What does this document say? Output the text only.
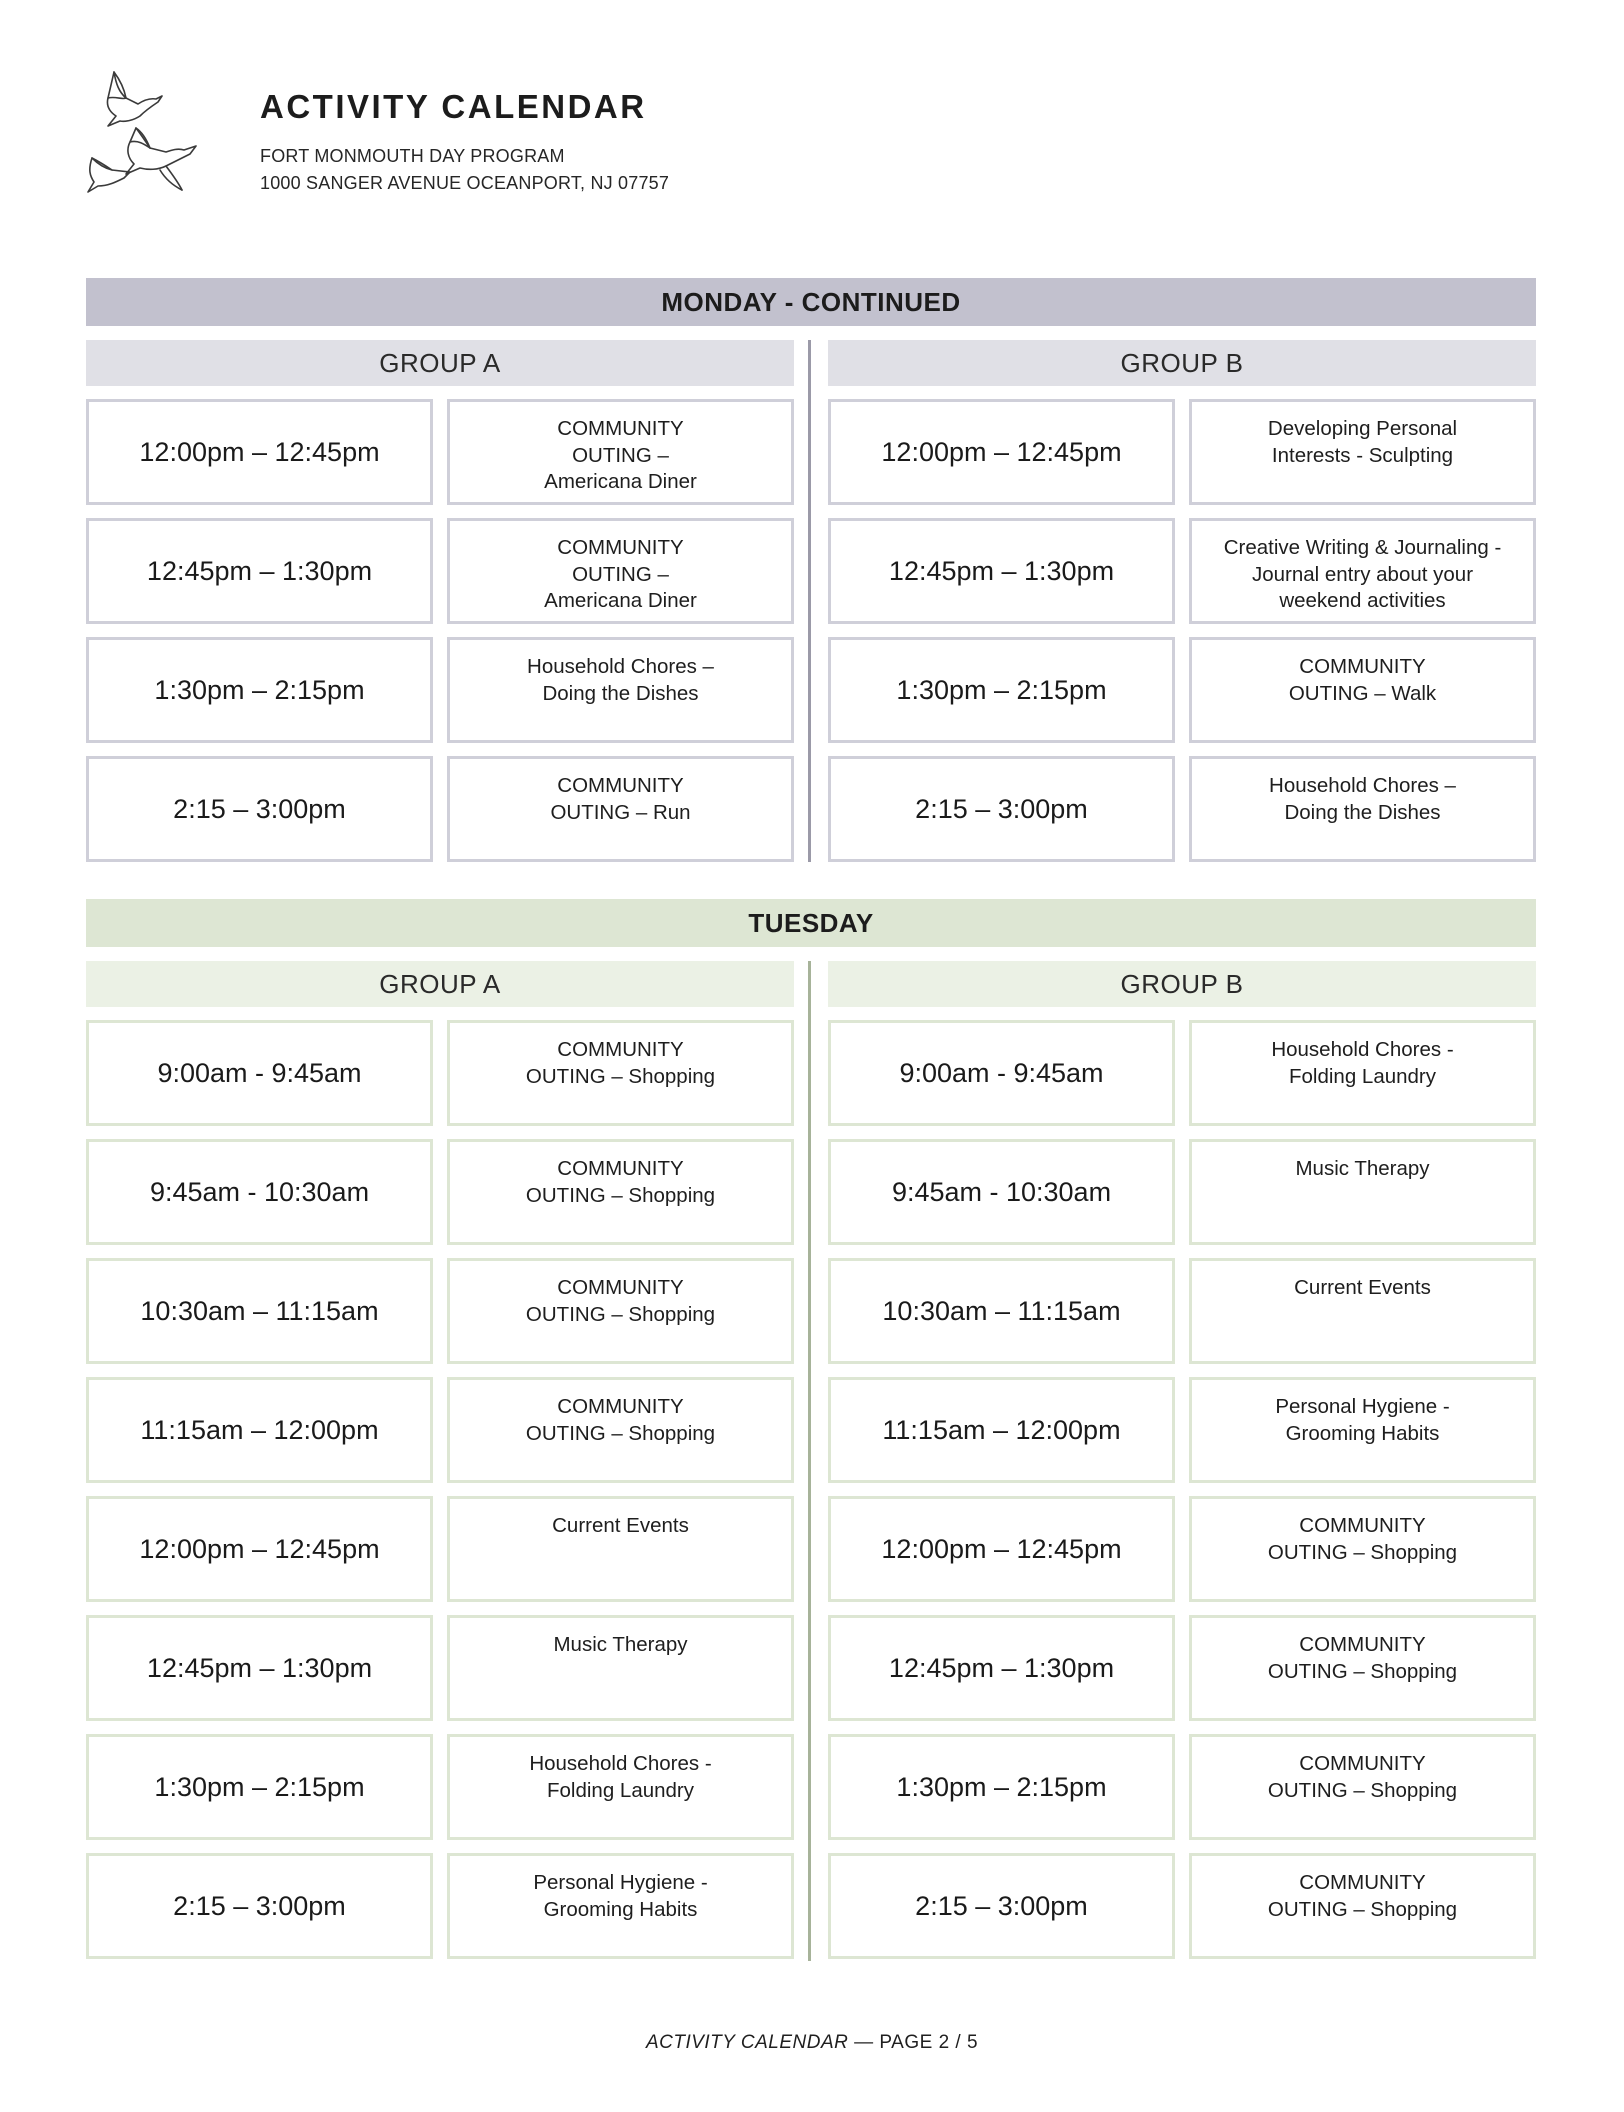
ACTIVITY CALENDAR
FORT MONMOUTH DAY PROGRAM
1000 SANGER AVENUE OCEANPORT, NJ 07757
MONDAY - CONTINUED
GROUP A
12:00pm – 12:45pm
COMMUNITY
OUTING –
Americana Diner
12:45pm – 1:30pm
COMMUNITY
OUTING –
Americana Diner
1:30pm – 2:15pm
Household Chores –
Doing the Dishes
2:15 – 3:00pm
COMMUNITY
OUTING – Run
GROUP B
12:00pm – 12:45pm
Developing Personal
Interests - Sculpting
12:45pm – 1:30pm
Creative Writing & Journaling -
Journal entry about your
weekend activities
1:30pm – 2:15pm
COMMUNITY
OUTING – Walk
2:15 – 3:00pm
Household Chores –
Doing the Dishes
TUESDAY
GROUP A
9:00am - 9:45am
COMMUNITY
OUTING – Shopping
9:45am - 10:30am
COMMUNITY
OUTING – Shopping
10:30am – 11:15am
COMMUNITY
OUTING – Shopping
11:15am – 12:00pm
COMMUNITY
OUTING – Shopping
12:00pm – 12:45pm
Current Events
12:45pm – 1:30pm
Music Therapy
1:30pm – 2:15pm
Household Chores -
Folding Laundry
2:15 – 3:00pm
Personal Hygiene -
Grooming Habits
GROUP B
9:00am - 9:45am
Household Chores -
Folding Laundry
9:45am - 10:30am
Music Therapy
10:30am – 11:15am
Current Events
11:15am – 12:00pm
Personal Hygiene -
Grooming Habits
12:00pm – 12:45pm
COMMUNITY
OUTING – Shopping
12:45pm – 1:30pm
COMMUNITY
OUTING – Shopping
1:30pm – 2:15pm
COMMUNITY
OUTING – Shopping
2:15 – 3:00pm
COMMUNITY
OUTING – Shopping
ACTIVITY CALENDAR — PAGE 2 / 5
